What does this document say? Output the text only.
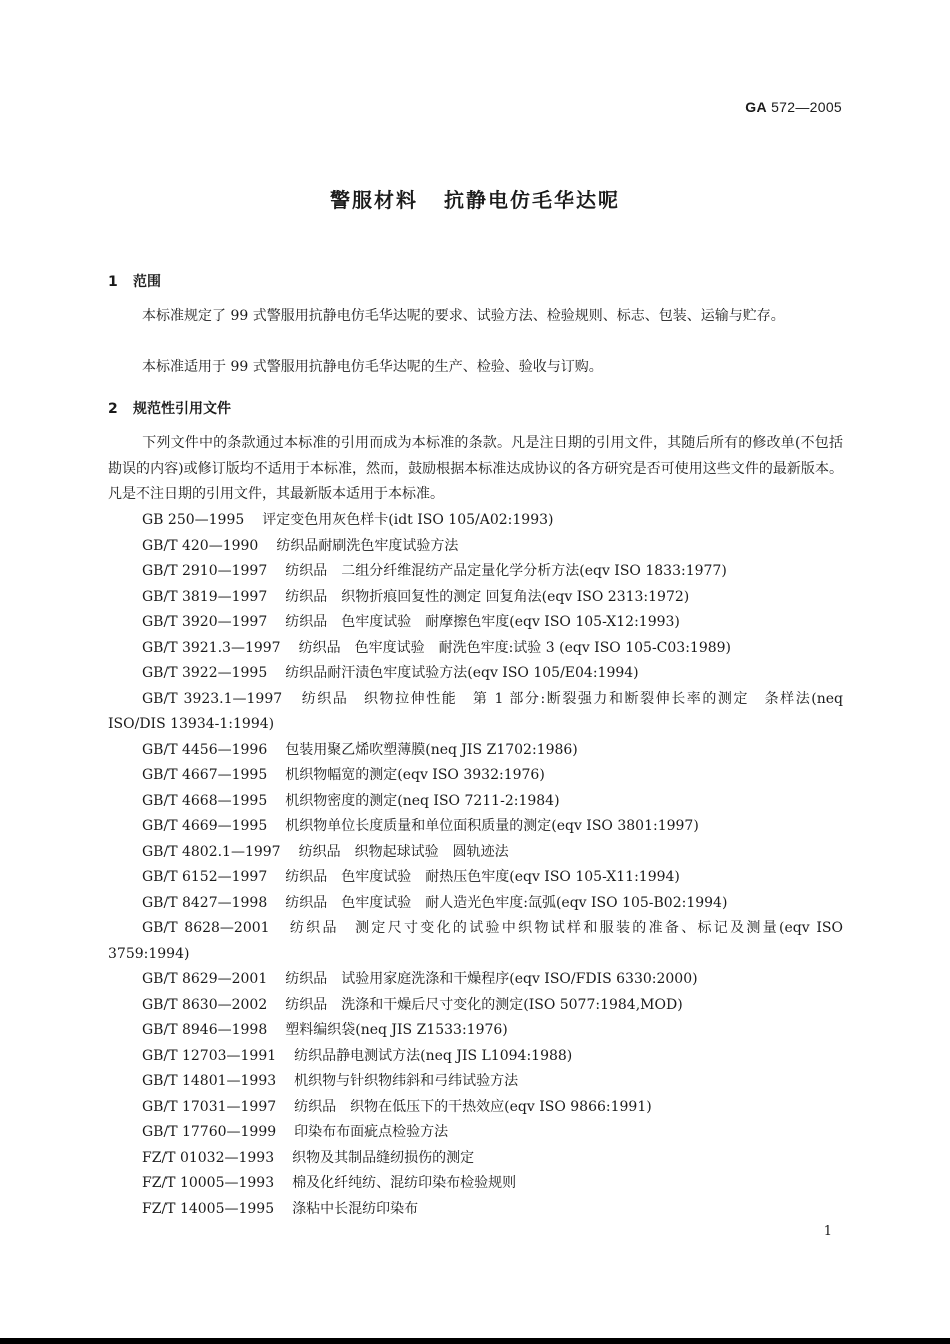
GA 572—2005
警服材料 抗静电仿毛华达呢
1 范围
本标准规定了 99 式警服用抗静电仿毛华达呢的要求、试验方法、检验规则、标志、包装、运输与贮存。
本标准适用于 99 式警服用抗静电仿毛华达呢的生产、检验、验收与订购。
2 规范性引用文件
下列文件中的条款通过本标准的引用而成为本标准的条款。凡是注日期的引用文件，其随后所有的修改单(不包括勘误的内容)或修订版均不适用于本标准，然而，鼓励根据本标准达成协议的各方研究是否可使用这些文件的最新版本。凡是不注日期的引用文件，其最新版本适用于本标准。
GB 250—1995 评定变色用灰色样卡(idt ISO 105/A02:1993)
GB/T 420—1990 纺织品耐刷洗色牢度试验方法
GB/T 2910—1997 纺织品　二组分纤维混纺产品定量化学分析方法(eqv ISO 1833:1977)
GB/T 3819—1997 纺织品　织物折痕回复性的测定 回复角法(eqv ISO 2313:1972)
GB/T 3920—1997 纺织品　色牢度试验　耐摩擦色牢度(eqv ISO 105-X12:1993)
GB/T 3921.3—1997 纺织品　色牢度试验　耐洗色牢度:试验 3 (eqv ISO 105-C03:1989)
GB/T 3922—1995 纺织品耐汗渍色牢度试验方法(eqv ISO 105/E04:1994)
GB/T 3923.1—1997 纺织品　织物拉伸性能　第 1 部分:断裂强力和断裂伸长率的测定　条样法(neq ISO/DIS 13934-1:1994)
GB/T 4456—1996 包装用聚乙烯吹塑薄膜(neq JIS Z1702:1986)
GB/T 4667—1995 机织物幅宽的测定(eqv ISO 3932:1976)
GB/T 4668—1995 机织物密度的测定(neq ISO 7211-2:1984)
GB/T 4669—1995 机织物单位长度质量和单位面积质量的测定(eqv ISO 3801:1997)
GB/T 4802.1—1997 纺织品　织物起球试验　圆轨迹法
GB/T 6152—1997 纺织品　色牢度试验　耐热压色牢度(eqv ISO 105-X11:1994)
GB/T 8427—1998 纺织品　色牢度试验　耐人造光色牢度:氙弧(eqv ISO 105-B02:1994)
GB/T 8628—2001 纺织品　测定尺寸变化的试验中织物试样和服装的准备、标记及测量(eqv ISO 3759:1994)
GB/T 8629—2001 纺织品　试验用家庭洗涤和干燥程序(eqv ISO/FDIS 6330:2000)
GB/T 8630—2002 纺织品　洗涤和干燥后尺寸变化的测定(ISO 5077:1984,MOD)
GB/T 8946—1998 塑料编织袋(neq JIS Z1533:1976)
GB/T 12703—1991 纺织品静电测试方法(neq JIS L1094:1988)
GB/T 14801—1993 机织物与针织物纬斜和弓纬试验方法
GB/T 17031—1997 纺织品　织物在低压下的干热效应(eqv ISO 9866:1991)
GB/T 17760—1999 印染布布面疵点检验方法
FZ/T 01032—1993 织物及其制品缝纫损伤的测定
FZ/T 10005—1993 棉及化纤纯纺、混纺印染布检验规则
FZ/T 14005—1995 涤粘中长混纺印染布
1
